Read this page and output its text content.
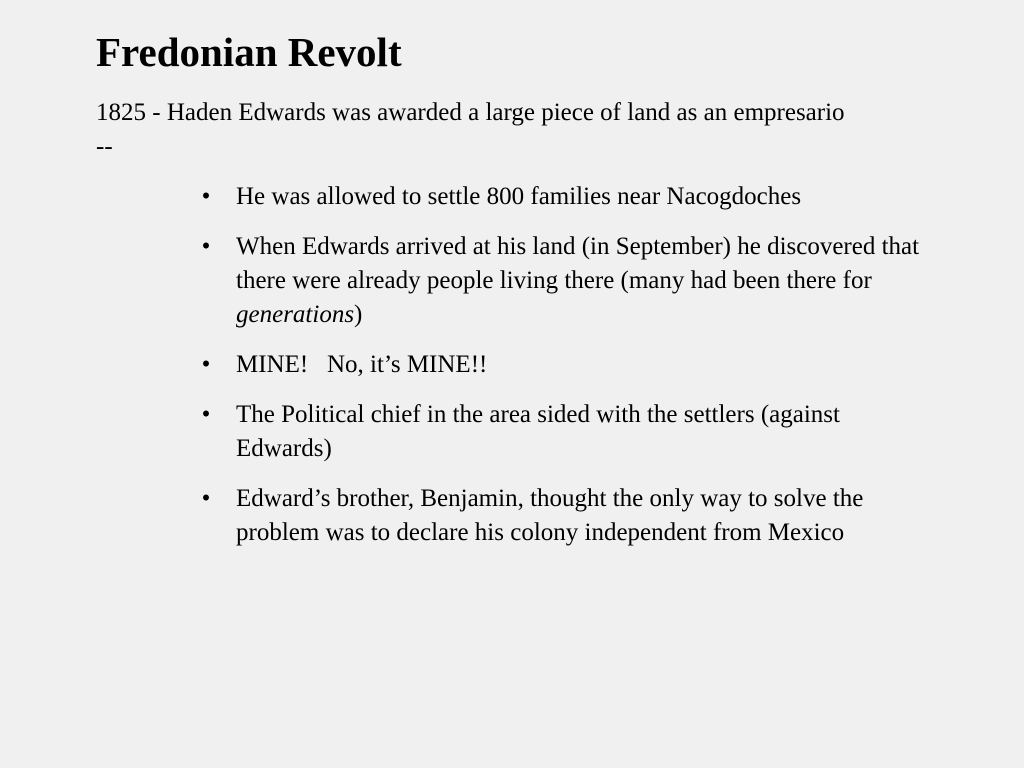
Fredonian Revolt

1825 - Haden Edwards was awarded a large piece of land as an empresario --

• He was allowed to settle 800 families near Nacogdoches
• When Edwards arrived at his land (in September) he discovered that there were already people living there (many had been there for generations)
• MINE!   No, it’s MINE!!
• The Political chief in the area sided with the settlers (against Edwards)
• Edward’s brother, Benjamin, thought the only way to solve the problem was to declare his colony independent from Mexico
